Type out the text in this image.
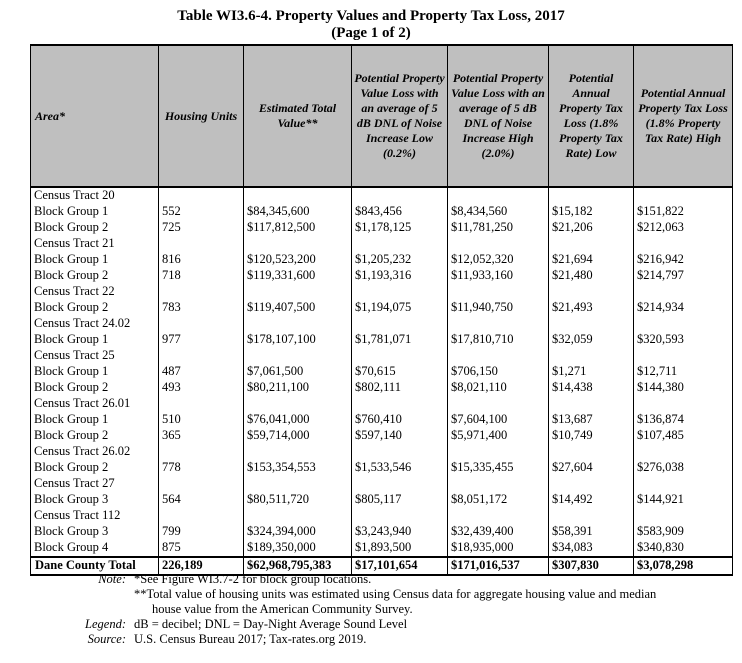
Table WI3.6-4. Property Values and Property Tax Loss, 2017
(Page 1 of 2)
Area*	Housing Units	Estimated Total Value**	Potential Property Value Loss with an average of 5 dB DNL of Noise Increase Low (0.2%)	Potential Property Value Loss with an average of 5 dB DNL of Noise Increase High (2.0%)	Potential Annual Property Tax Loss (1.8% Property Tax Rate) Low	Potential Annual Property Tax Loss (1.8% Property Tax Rate) High
Census Tract 20						
Block Group 1	552	$84,345,600	$843,456	$8,434,560	$15,182	$151,822
Block Group 2	725	$117,812,500	$1,178,125	$11,781,250	$21,206	$212,063
Census Tract 21						
Block Group 1	816	$120,523,200	$1,205,232	$12,052,320	$21,694	$216,942
Block Group 2	718	$119,331,600	$1,193,316	$11,933,160	$21,480	$214,797
Census Tract 22						
Block Group 2	783	$119,407,500	$1,194,075	$11,940,750	$21,493	$214,934
Census Tract 24.02						
Block Group 1	977	$178,107,100	$1,781,071	$17,810,710	$32,059	$320,593
Census Tract 25						
Block Group 1	487	$7,061,500	$70,615	$706,150	$1,271	$12,711
Block Group 2	493	$80,211,100	$802,111	$8,021,110	$14,438	$144,380
Census Tract 26.01						
Block Group 1	510	$76,041,000	$760,410	$7,604,100	$13,687	$136,874
Block Group 2	365	$59,714,000	$597,140	$5,971,400	$10,749	$107,485
Census Tract 26.02						
Block Group 2	778	$153,354,553	$1,533,546	$15,335,455	$27,604	$276,038
Census Tract 27						
Block Group 3	564	$80,511,720	$805,117	$8,051,172	$14,492	$144,921
Census Tract 112						
Block Group 3	799	$324,394,000	$3,243,940	$32,439,400	$58,391	$583,909
Block Group 4	875	$189,350,000	$1,893,500	$18,935,000	$34,083	$340,830
Dane County Total	226,189	$62,968,795,383	$17,101,654	$171,016,537	$307,830	$3,078,298
Note:	*See Figure WI3.7-2 for block group locations.
	**Total value of housing units was estimated using Census data for aggregate housing value and median
	house value from the American Community Survey.
Legend:	dB = decibel; DNL = Day-Night Average Sound Level
Source:	U.S. Census Bureau 2017; Tax-rates.org 2019.
